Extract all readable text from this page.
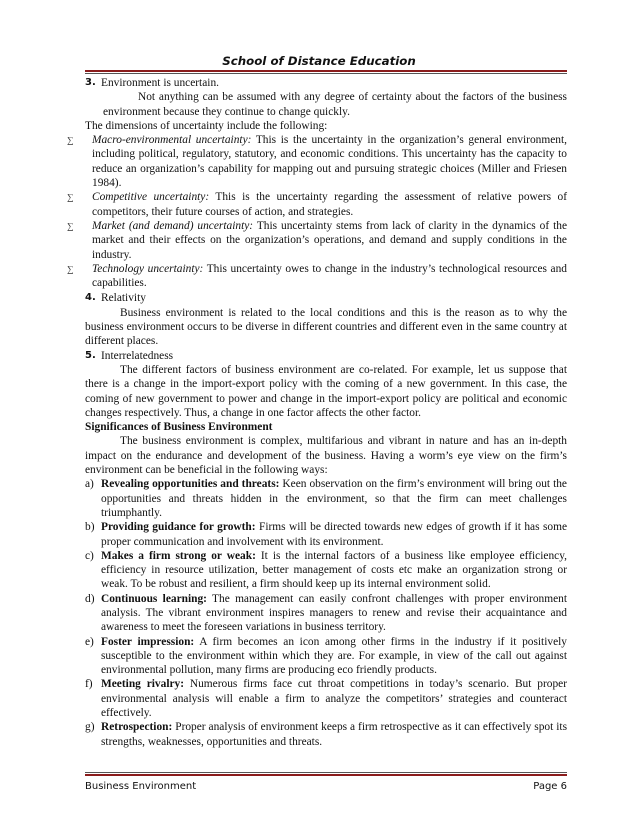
School of Distance Education
3. Environment is uncertain.

Not anything can be assumed with any degree of certainty about the factors of the business environment because they continue to change quickly.

The dimensions of uncertainty include the following:

∑ Macro-environmental uncertainty: This is the uncertainty in the organization’s general environment, including political, regulatory, statutory, and economic conditions. This uncertainty has the capacity to reduce an organization’s capability for mapping out and pursuing strategic choices (Miller and Friesen 1984).
∑ Competitive uncertainty: This is the uncertainty regarding the assessment of relative powers of competitors, their future courses of action, and strategies.
∑ Market (and demand) uncertainty: This uncertainty stems from lack of clarity in the dynamics of the market and their effects on the organization’s operations, and demand and supply conditions in the industry.
∑ Technology uncertainty: This uncertainty owes to change in the industry’s technological resources and capabilities.
4. Relativity

Business environment is related to the local conditions and this is the reason as to why the business environment occurs to be diverse in different countries and different even in the same country at different places.

5. Interrelatedness

The different factors of business environment are co-related. For example, let us suppose that there is a change in the import-export policy with the coming of a new government. In this case, the coming of new government to power and change in the import-export policy are political and economic changes respectively. Thus, a change in one factor affects the other factor.

Significances of Business Environment

The business environment is complex, multifarious and vibrant in nature and has an in-depth impact on the endurance and development of the business. Having a worm’s eye view on the firm’s environment can be beneficial in the following ways:

a) Revealing opportunities and threats: Keen observation on the firm’s environment will bring out the opportunities and threats hidden in the environment, so that the firm can meet challenges triumphantly.
b) Providing guidance for growth: Firms will be directed towards new edges of growth if it has some proper communication and involvement with its environment.
c) Makes a firm strong or weak: It is the internal factors of a business like employee efficiency, efficiency in resource utilization, better management of costs etc make an organization strong or weak. To be robust and resilient, a firm should keep up its internal environment solid.
d) Continuous learning: The management can easily confront challenges with proper environment analysis. The vibrant environment inspires managers to renew and revise their acquaintance and awareness to meet the foreseen variations in business territory.
e) Foster impression: A firm becomes an icon among other firms in the industry if it positively susceptible to the environment within which they are. For example, in view of the call out against environmental pollution, many firms are producing eco friendly products.
f) Meeting rivalry: Numerous firms face cut throat competitions in today’s scenario. But proper environmental analysis will enable a firm to analyze the competitors’ strategies and counteract effectively.
g) Retrospection: Proper analysis of environment keeps a firm retrospective as it can effectively spot its strengths, weaknesses, opportunities and threats.
Business Environment	Page 6
